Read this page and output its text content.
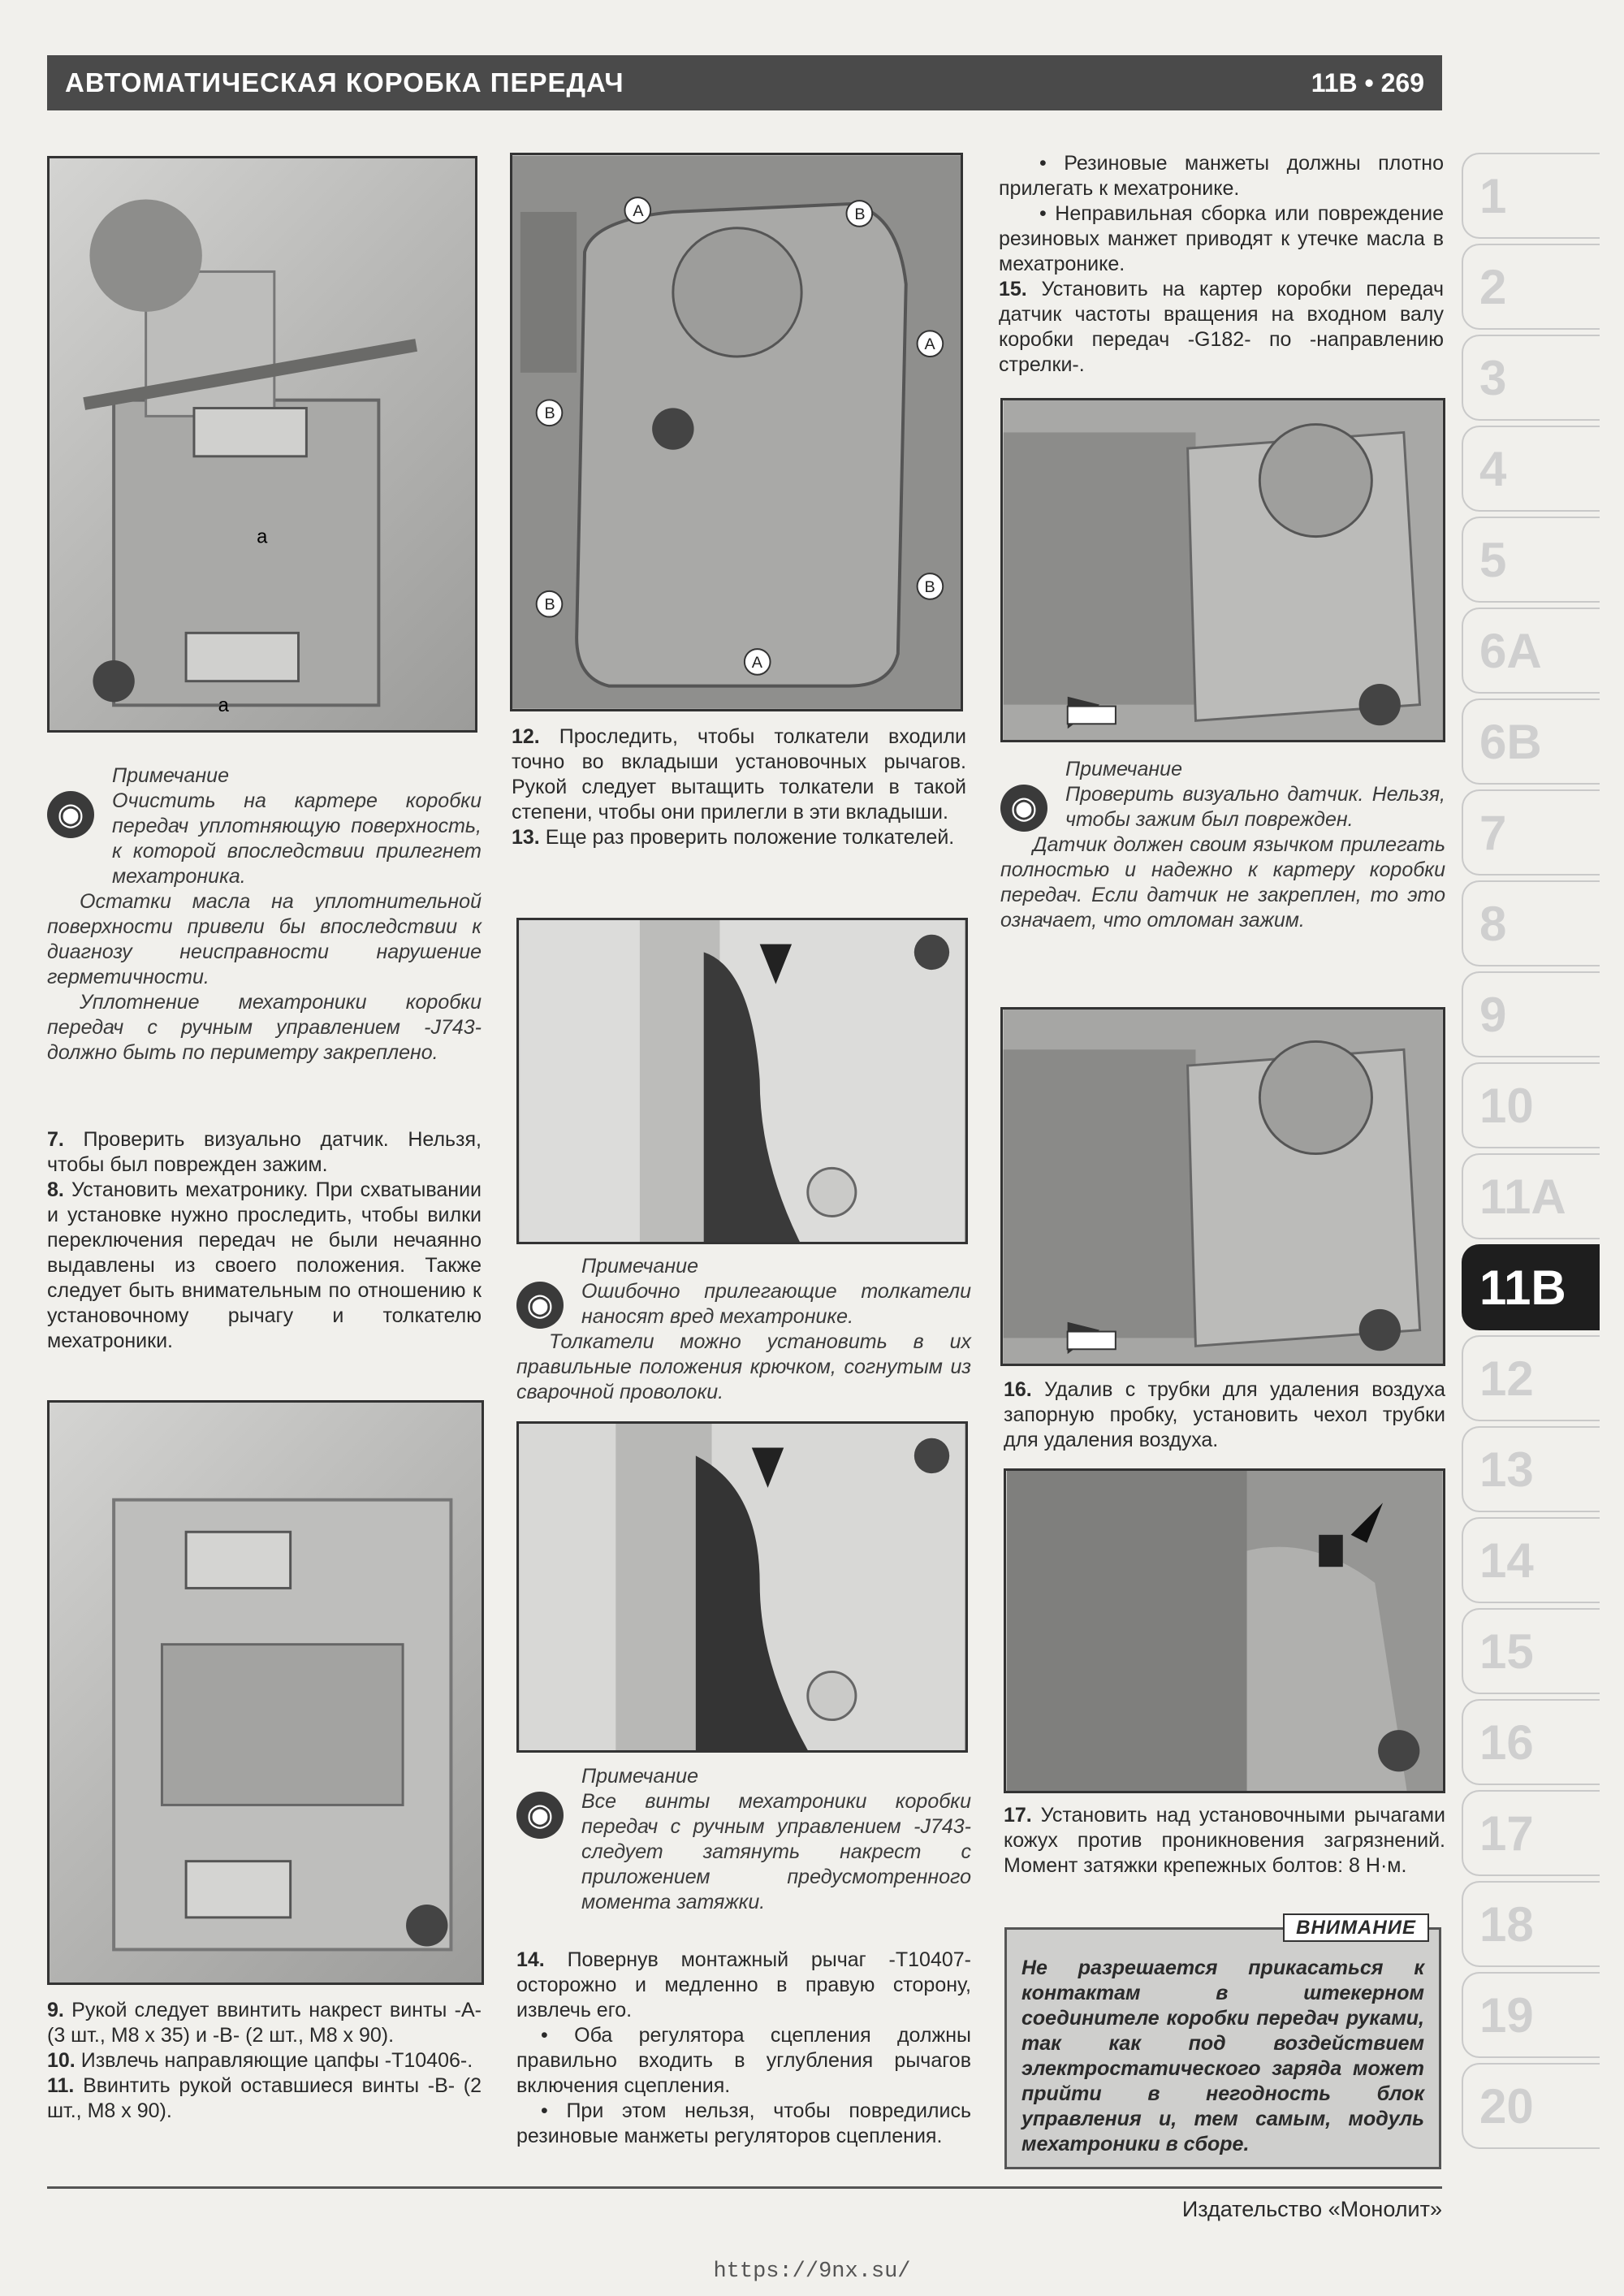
АВТОМАТИЧЕСКАЯ КОРОБКА ПЕРЕДАЧ	11B • 269
a
a
◉

Примечание

Очистить на картере коробки передач уплотняющую поверхность, к которой впоследствии прилегнет мехатроника.

Остатки масла на уплотнительной поверхности привели бы впоследствии к диагнозу неисправности нарушение герметичности.

Уплотнение мехатроники коробки передач с ручным управлением -J743- должно быть по периметру закреплено.

7. Проверить визуально датчик. Нельзя, чтобы был поврежден зажим.

8. Установить мехатронику. При схватывании и установке нужно проследить, чтобы вилки переключения передач не были нечаянно выдавлены из своего положения. Также следует быть внимательным по отношению к установочному рычагу и толкателю мехатроники.

9. Рукой следует ввинтить накрест винты -А- (3 шт., M8 x 35) и -В- (2 шт., M8 x 90).

10. Извлечь направляющие цапфы -T10406-.

11. Ввинтить рукой оставшиеся винты -В- (2 шт., M8 x 90).

A	B
A
B
B
B
A

12. Проследить, чтобы толкатели входили точно во вкладыши установочных рычагов. Рукой следует вытащить толкатели в такой степени, чтобы они прилегли в эти вкладыши.

13. Еще раз проверить положение толкателей.

◉

Примечание

Ошибочно прилегающие толкатели наносят вред мехатронике.

Толкатели можно установить в их правильные положения крючком, согнутым из сварочной проволоки.

◉

Примечание

Все винты мехатроники коробки передач с ручным управлением -J743- следует затянуть накрест с приложением предусмотренного момента затяжки.

14. Повернув монтажный рычаг -T10407- осторожно и медленно в правую сторону, извлечь его.

• Оба регулятора сцепления должны правильно входить в углубления рычагов включения сцепления.

• При этом нельзя, чтобы повредились резиновые манжеты регуляторов сцепления.

• Резиновые манжеты должны плотно прилегать к мехатронике.

• Неправильная сборка или повреждение резиновых манжет приводят к утечке масла в мехатронике.

15. Установить на картер коробки передач датчик частоты вращения на входном валу коробки передач -G182- по -направлению стрелки-.

◉

Примечание

Проверить визуально датчик. Нельзя, чтобы зажим был поврежден.

Датчик должен своим язычком прилегать полностью и надежно к картеру коробки передач. Если датчик не закреплен, то это означает, что отломан зажим.

16. Удалив с трубки для удаления воздуха запорную пробку, установить чехол трубки для удаления воздуха.

17. Установить над установочными рычагами кожух против проникновения загрязнений. Момент затяжки крепежных болтов: 8 Н·м.

ВНИМАНИЕ
Не разрешается прикасаться к контактам в штекерном соединителе коробки передач руками, так как под воздействием электростатического заряда может прийти в негодность блок управления и, тем самым, модуль мехатроники в сборе.
1
2
3
4
5
6A
6B
7
8
9
10
11A
11B
12
13
14
15
16
17
18
19
20
Издательство «Монолит»
https://9nx.su/
